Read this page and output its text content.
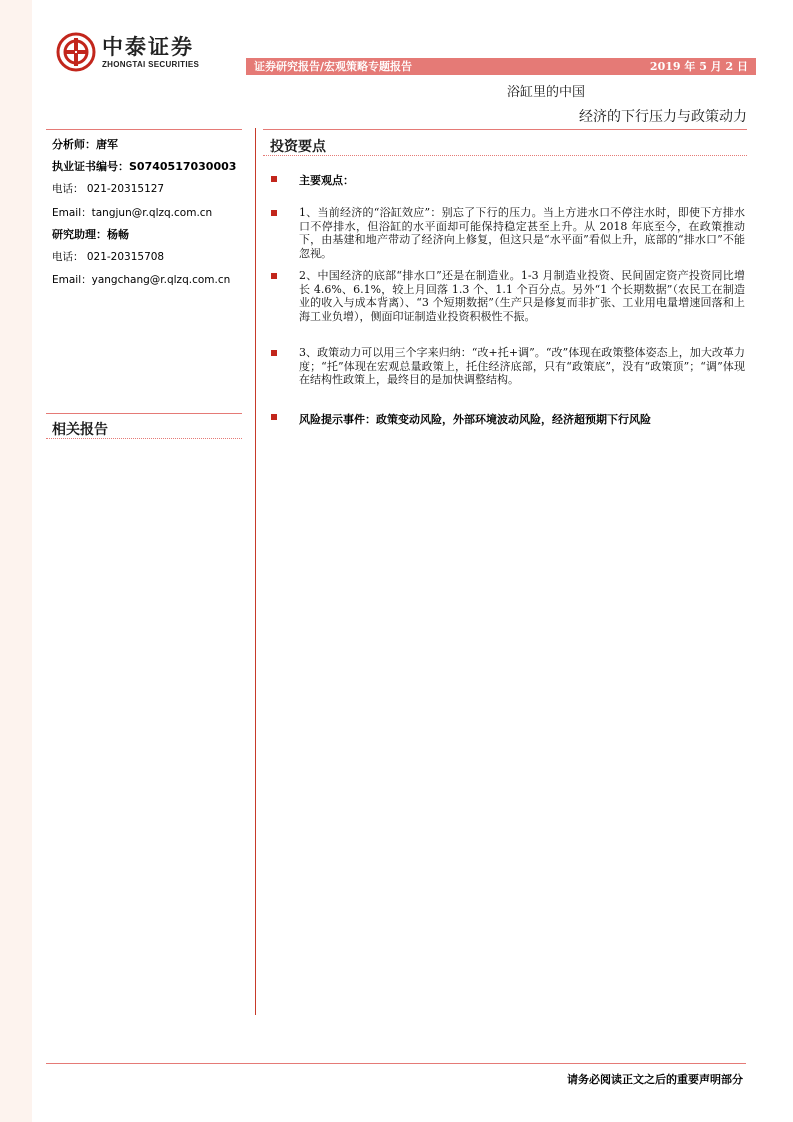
中泰证券
ZHONGTAI SECURITIES	证券研究报告/宏观策略专题报告	2019 年 5 月 2 日
浴缸里的中国
经济的下行压力与政策动力
分析师：唐军
执业证书编号：S0740517030003
电话： 021-20315127
Email：tangjun@r.qlzq.com.cn
研究助理：杨畅
电话： 021-20315708
Email：yangchang@r.qlzq.com.cn
相关报告
投资要点
主要观点：
1、当前经济的“浴缸效应”：别忘了下行的压力。当上方进水口不停注水时，即使下方排水口不停排水，但浴缸的水平面却可能保持稳定甚至上升。从 2018 年底至今，在政策推动下，由基建和地产带动了经济向上修复，但这只是“水平面”看似上升，底部的“排水口”不能忽视。
2、中国经济的底部“排水口”还是在制造业。1-3 月制造业投资、民间固定资产投资同比增长 4.6%、6.1%，较上月回落 1.3 个、1.1 个百分点。另外“1 个长期数据”（农民工在制造业的收入与成本背离）、“3 个短期数据”（生产只是修复而非扩张、工业用电量增速回落和上海工业负增），侧面印证制造业投资积极性不振。
3、政策动力可以用三个字来归纳：“改+托+调”。“改”体现在政策整体姿态上，加大改革力度；“托”体现在宏观总量政策上，托住经济底部，只有“政策底”，没有“政策顶”；“调”体现在结构性政策上，最终目的是加快调整结构。
风险提示事件：政策变动风险，外部环境波动风险，经济超预期下行风险
请务必阅读正文之后的重要声明部分
